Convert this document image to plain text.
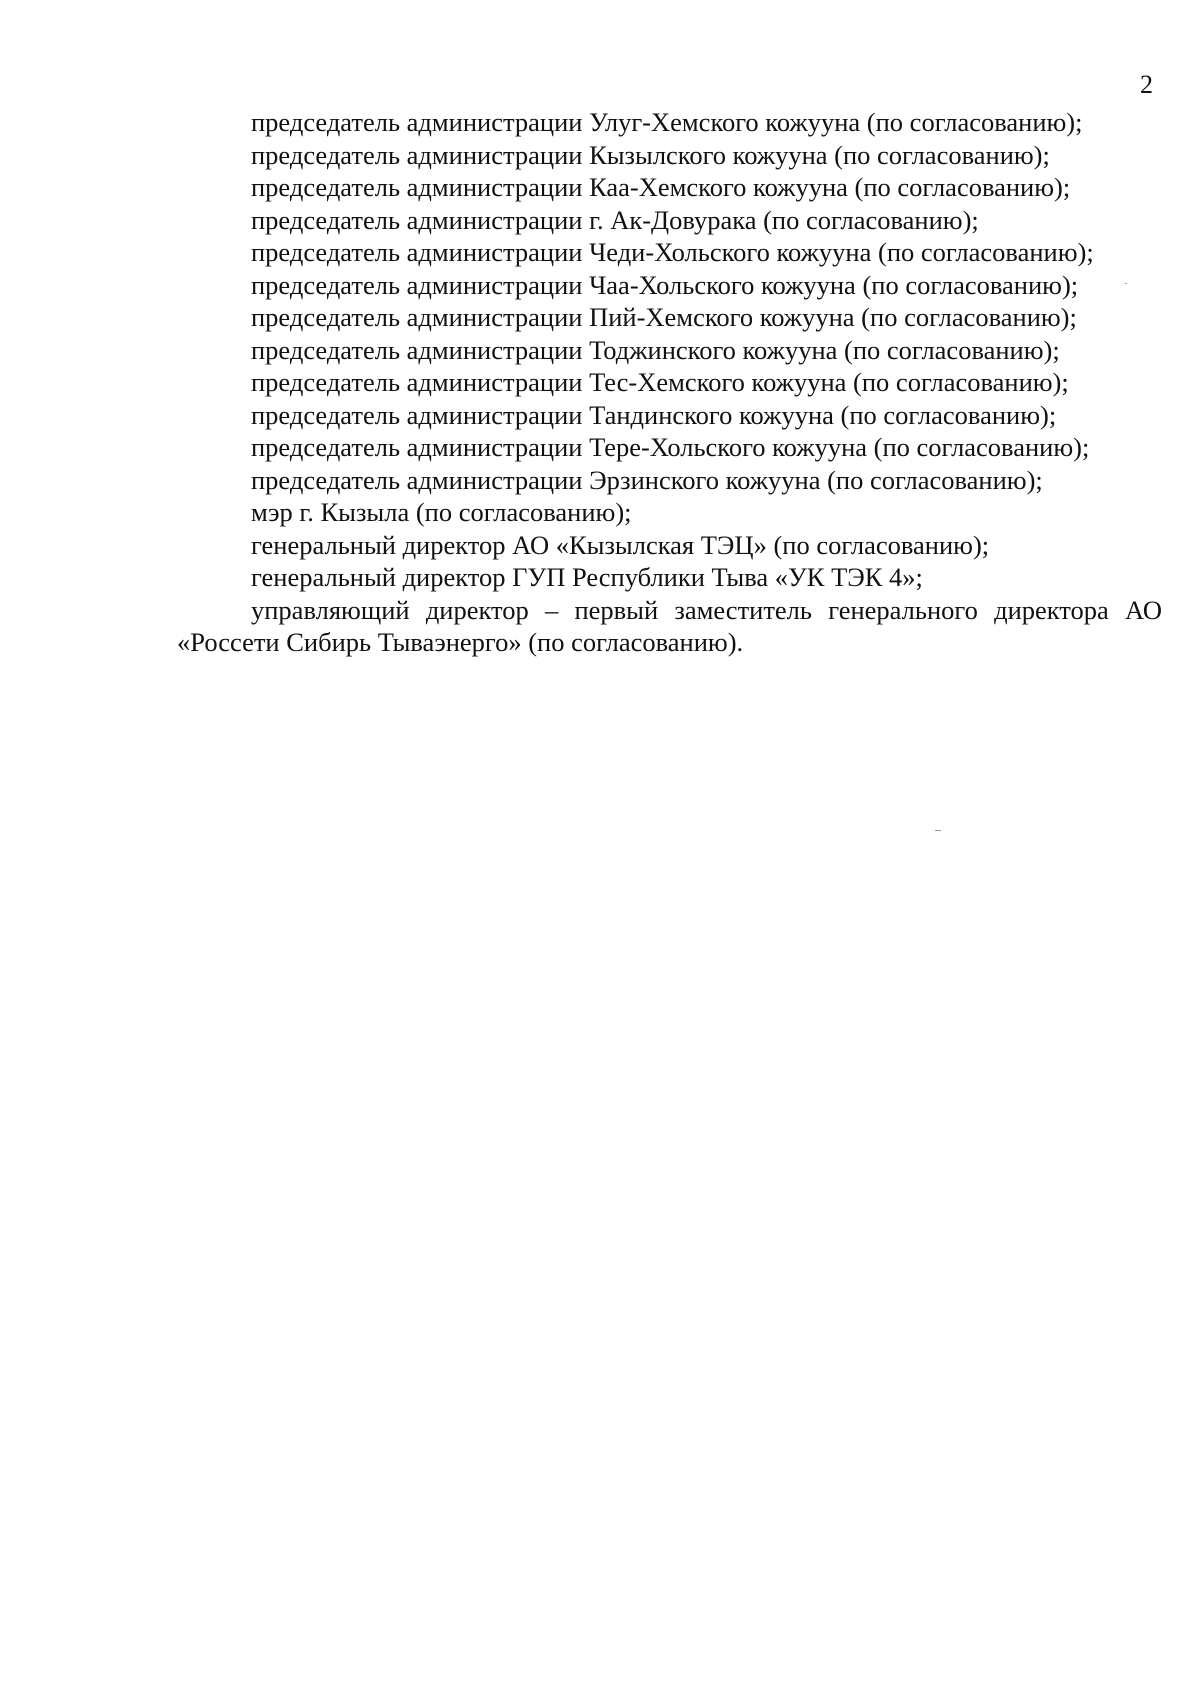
2

председатель администрации Улуг-Хемского кожууна (по согласованию);

председатель администрации Кызылского кожууна (по согласованию);

председатель администрации Каа-Хемского кожууна (по согласованию);

председатель администрации г. Ак-Довурака (по согласованию);

председатель администрации Чеди-Хольского кожууна (по согласованию);

председатель администрации Чаа-Хольского кожууна (по согласованию);

председатель администрации Пий-Хемского кожууна (по согласованию);

председатель администрации Тоджинского кожууна (по согласованию);

председатель администрации Тес-Хемского кожууна (по согласованию);

председатель администрации Тандинского кожууна (по согласованию);

председатель администрации Тере-Хольского кожууна (по согласованию);

председатель администрации Эрзинского кожууна (по согласованию);

мэр г. Кызыла (по согласованию);

генеральный директор АО «Кызылская ТЭЦ» (по согласованию);

генеральный директор ГУП Республики Тыва «УК ТЭК 4»;

управляющий директор – первый заместитель генерального директора АО «Россети Сибирь Тываэнерго» (по согласованию).
